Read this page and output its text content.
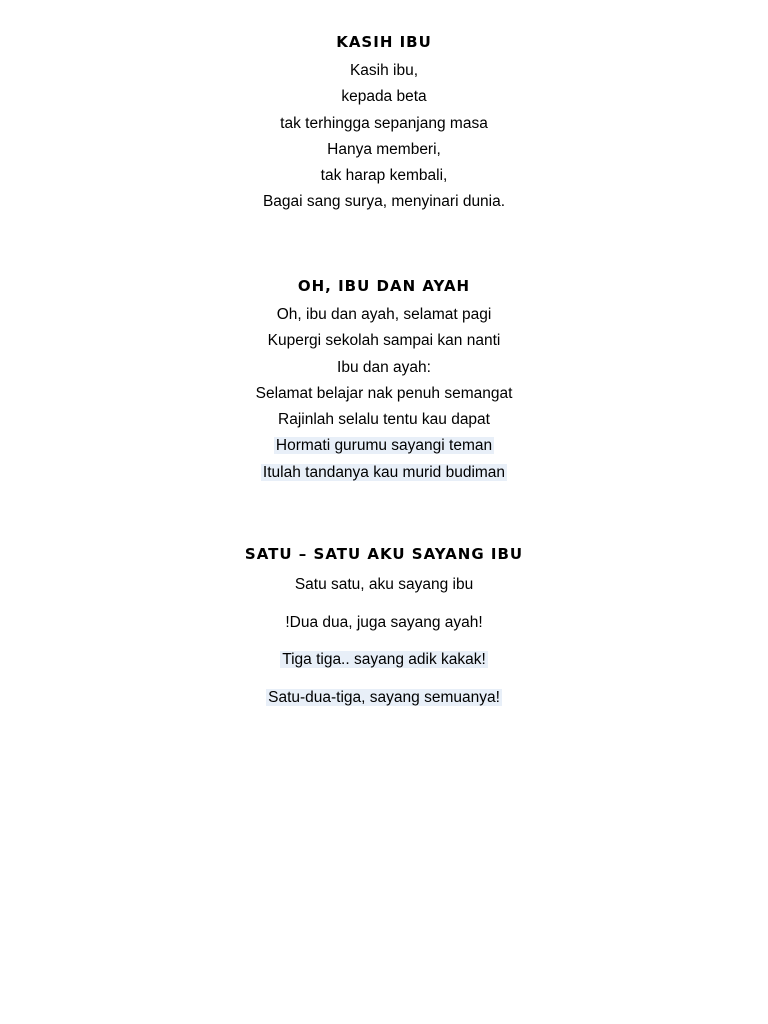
KASIH IBU

Kasih ibu,

kepada beta

tak terhingga sepanjang masa

Hanya memberi,

tak harap kembali,

Bagai sang surya, menyinari dunia.

OH, IBU DAN AYAH

Oh, ibu dan ayah, selamat pagi

Kupergi sekolah sampai kan nanti

Ibu dan ayah:

Selamat belajar nak penuh semangat

Rajinlah selalu tentu kau dapat

Hormati gurumu sayangi teman

Itulah tandanya kau murid budiman

SATU – SATU AKU SAYANG IBU

Satu satu, aku sayang ibu

!Dua dua, juga sayang ayah!

Tiga tiga.. sayang adik kakak!

Satu-dua-tiga, sayang semuanya!
